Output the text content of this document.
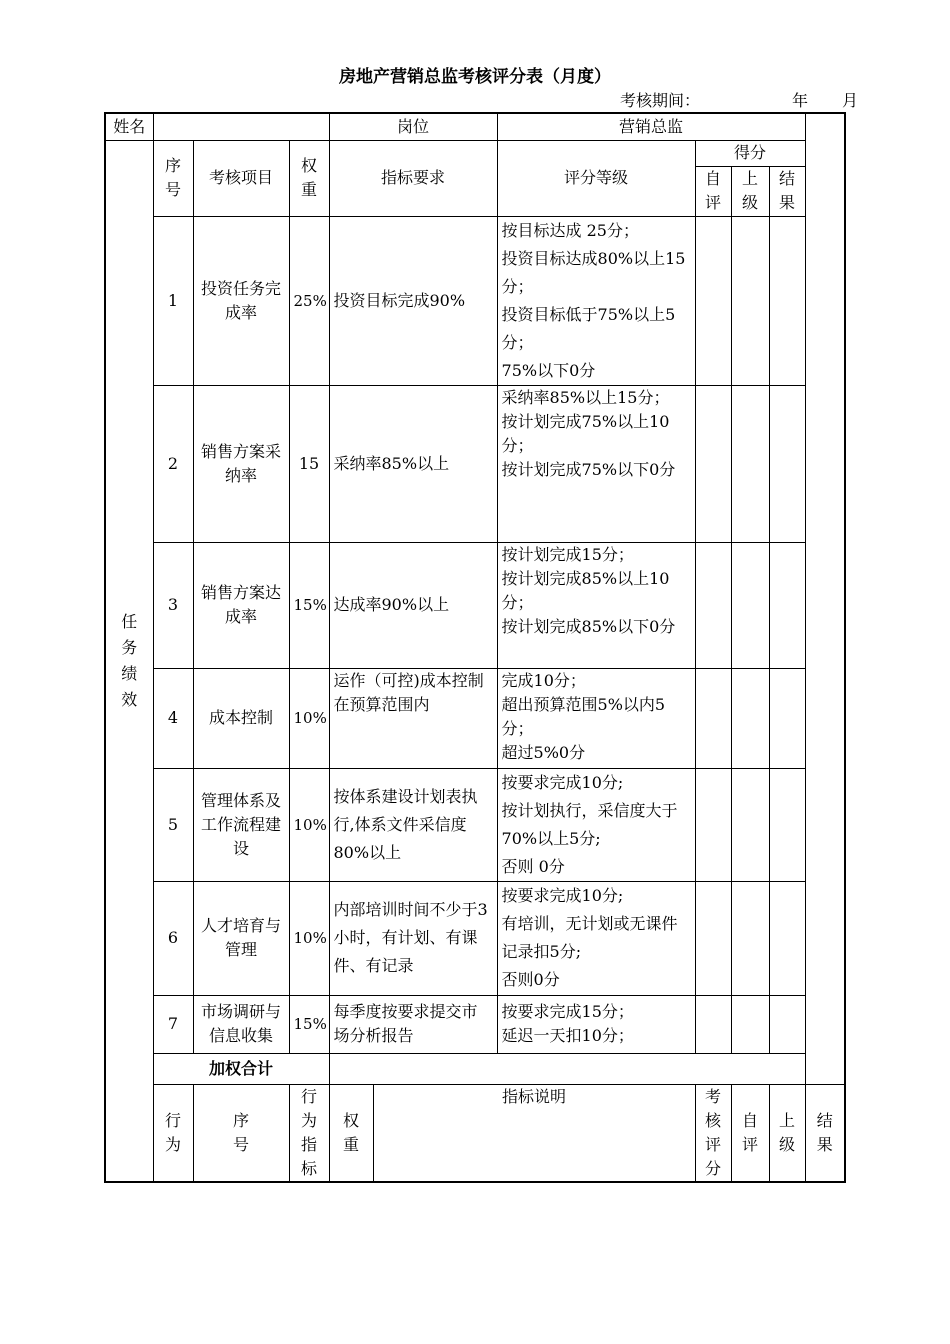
房地产营销总监考核评分表（月度）
考核期间：	年 月
姓名				岗位		营销总监				
任务绩效	序号	考核项目	权重	指标要求		评分等级	得分			
							自评	上级	结果	
	1	投资任务完成率	25%	投资目标完成90%		按目标达成 25分；
投资目标达成80%以上15分；
投资目标低于75%以上5 分；
75%以下0分				

	2	销售方案采纳率	15	采纳率85%以上		采纳率85%以上15分；
按计划完成75%以上10分；
按计划完成75%以下0分				

	3	销售方案达成率	15%	达成率90%以上		按计划完成15分；
按计划完成85%以上10分；
按计划完成85%以下0分				

	4	成本控制	10%	运作（可控)成本控制在预算范围内		完成10分；
超出预算范围5%以内5分；
超过5%0分				

	5	管理体系及工作流程建设	10%	按体系建设计划表执行,体系文件采信度80%以上		按要求完成10分;
按计划执行，采信度大于70%以上5分;
否则 0分				

	6	人才培育与管理	10%	内部培训时间不少于3小时，有计划、有课件、有记录		按要求完成10分;
有培训，无计划或无课件记录扣5分;
否则0分				

	7	市场调研与信息收集	15%	每季度按要求提交市场分析报告		按要求完成15分；
延迟一天扣10分；				

	加权合计									
	行为	序号	行为指标	权重	指标说明		考核评分	自评	上级	结果
